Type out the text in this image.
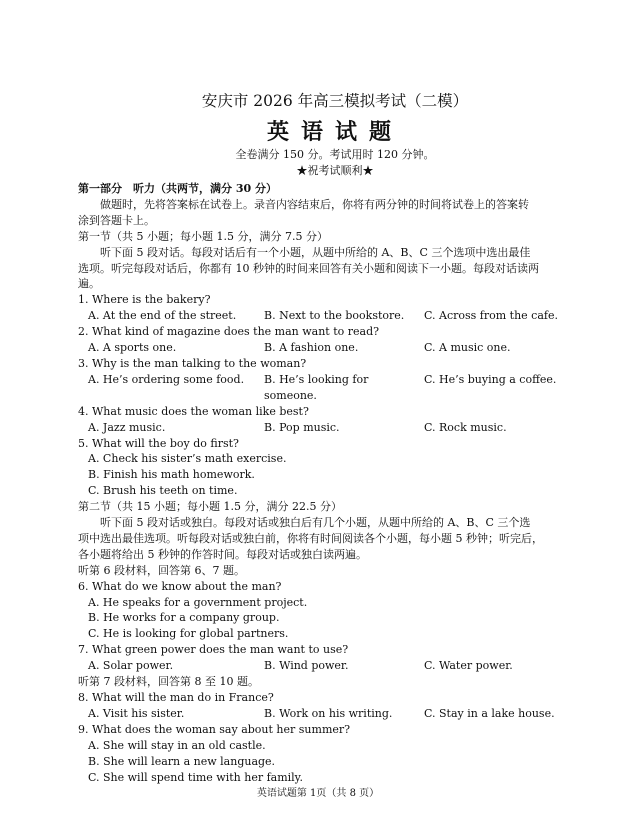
安庆市 2026 年高三模拟考试（二模）
英语试题
全卷满分 150 分。考试用时 120 分钟。
★祝考试顺利★
第一部分　听力（共两节，满分 30 分）
做题时，先将答案标在试卷上。录音内容结束后，你将有两分钟的时间将试卷上的答案转
涂到答题卡上。
第一节（共 5 小题；每小题 1.5 分，满分 7.5 分）
听下面 5 段对话。每段对话后有一个小题，从题中所给的 A、B、C 三个选项中选出最佳
选项。听完每段对话后，你都有 10 秒钟的时间来回答有关小题和阅读下一小题。每段对话读两
遍。
1. Where is the bakery?
A. At the end of the street.	B. Next to the bookstore.	C. Across from the cafe.
2. What kind of magazine does the man want to read?
A. A sports one.	B. A fashion one.	C. A music one.
3. Why is the man talking to the woman?
A. He’s ordering some food.	B. He’s looking for someone.
C. He’s buying a coffee.
4. What music does the woman like best?
A. Jazz music.	B. Pop music.	C. Rock music.
5. What will the boy do first?
A. Check his sister’s math exercise.
B. Finish his math homework.
C. Brush his teeth on time.
第二节（共 15 小题；每小题 1.5 分，满分 22.5 分）
听下面 5 段对话或独白。每段对话或独白后有几个小题，从题中所给的 A、B、C 三个选
项中选出最佳选项。听每段对话或独白前，你将有时间阅读各个小题，每小题 5 秒钟；听完后，
各小题将给出 5 秒钟的作答时间。每段对话或独白读两遍。
听第 6 段材料，回答第 6、7 题。
6. What do we know about the man?
A. He speaks for a government project.
B. He works for a company group.
C. He is looking for global partners.
7. What green power does the man want to use?
A. Solar power.	B. Wind power.	C. Water power.
听第 7 段材料，回答第 8 至 10 题。
8. What will the man do in France?
A. Visit his sister.	B. Work on his writing.	C. Stay in a lake house.
9. What does the woman say about her summer?
A. She will stay in an old castle.
B. She will learn a new language.
C. She will spend time with her family.
英语试题第 1页（共 8 页）
